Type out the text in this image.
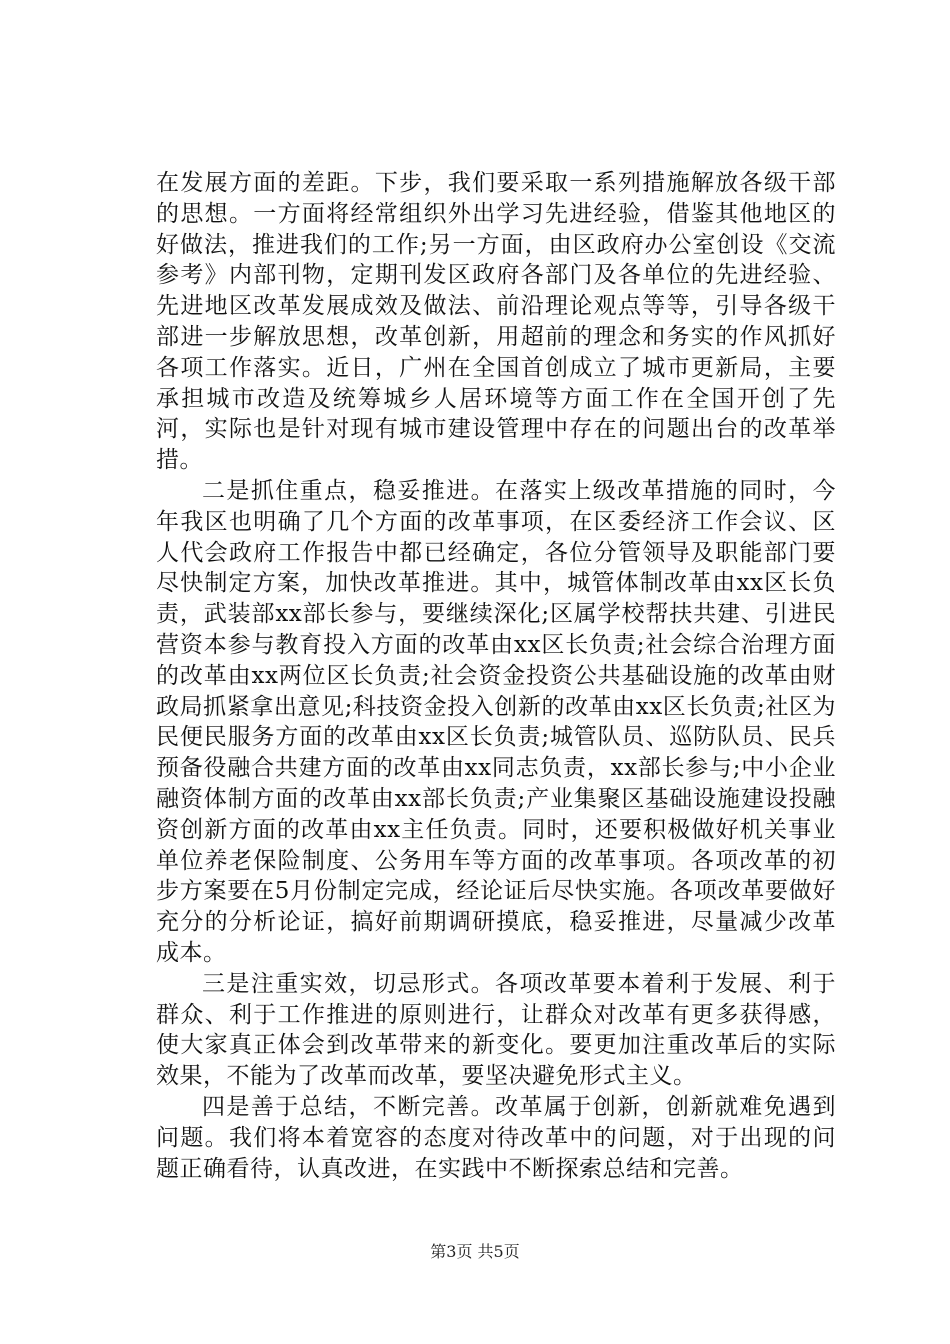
在发展方面的差距。下步，我们要采取一系列措施解放各级干部的思想。一方面将经常组织外出学习先进经验，借鉴其他地区的好做法，推进我们的工作;另一方面，由区政府办公室创设《交流参考》内部刊物，定期刊发区政府各部门及各单位的先进经验、先进地区改革发展成效及做法、前沿理论观点等等，引导各级干部进一步解放思想，改革创新，用超前的理念和务实的作风抓好各项工作落实。近日，广州在全国首创成立了城市更新局，主要承担城市改造及统筹城乡人居环境等方面工作在全国开创了先河，实际也是针对现有城市建设管理中存在的问题出台的改革举措。

二是抓住重点，稳妥推进。在落实上级改革措施的同时，今年我区也明确了几个方面的改革事项，在区委经济工作会议、区人代会政府工作报告中都已经确定，各位分管领导及职能部门要尽快制定方案，加快改革推进。其中，城管体制改革由xx区长负责，武装部xx部长参与，要继续深化;区属学校帮扶共建、引进民营资本参与教育投入方面的改革由xx区长负责;社会综合治理方面的改革由xx两位区长负责;社会资金投资公共基础设施的改革由财政局抓紧拿出意见;科技资金投入创新的改革由xx区长负责;社区为民便民服务方面的改革由xx区长负责;城管队员、巡防队员、民兵预备役融合共建方面的改革由xx同志负责，xx部长参与;中小企业融资体制方面的改革由xx部长负责;产业集聚区基础设施建设投融资创新方面的改革由xx主任负责。同时，还要积极做好机关事业单位养老保险制度、公务用车等方面的改革事项。各项改革的初步方案要在5月份制定完成，经论证后尽快实施。各项改革要做好充分的分析论证，搞好前期调研摸底，稳妥推进，尽量减少改革成本。

三是注重实效，切忌形式。各项改革要本着利于发展、利于群众、利于工作推进的原则进行，让群众对改革有更多获得感，使大家真正体会到改革带来的新变化。要更加注重改革后的实际效果，不能为了改革而改革，要坚决避免形式主义。

四是善于总结，不断完善。改革属于创新，创新就难免遇到问题。我们将本着宽容的态度对待改革中的问题，对于出现的问题正确看待，认真改进，在实践中不断探索总结和完善。

第3页 共5页
